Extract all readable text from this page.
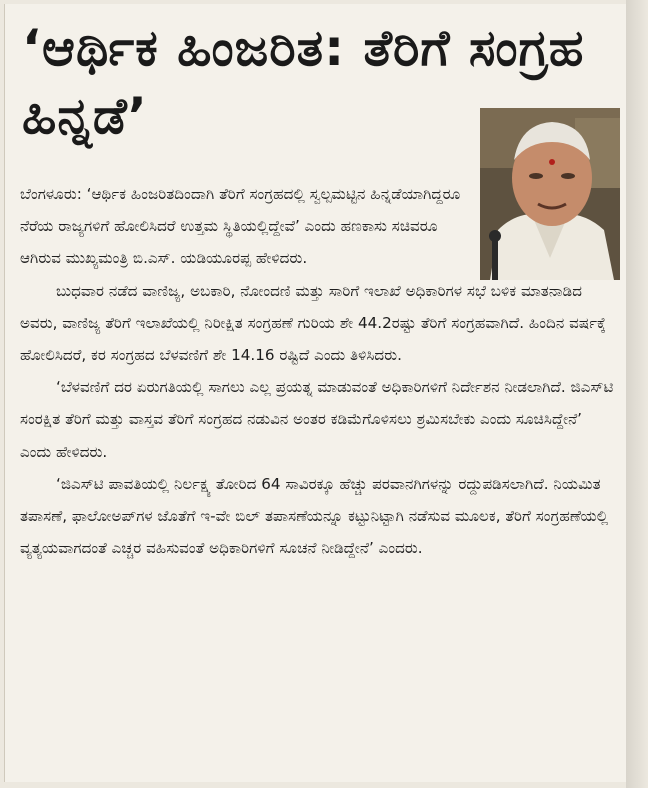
‘ಆರ್ಥಿಕ ಹಿಂಜರಿತ: ತೆರಿಗೆ ಸಂಗ್ರಹ ಹಿನ್ನಡೆ’

ಬೆಂಗಳೂರು: ‘ಆರ್ಥಿಕ ಹಿಂಜರಿತದಿಂದಾಗಿ ತೆರಿಗೆ ಸಂಗ್ರಹದಲ್ಲಿ ಸ್ವಲ್ಪಮಟ್ಟಿನ ಹಿನ್ನಡೆಯಾಗಿದ್ದರೂ ನೆರೆಯ ರಾಜ್ಯಗಳಿಗೆ ಹೋಲಿಸಿದರೆ ಉತ್ತಮ ಸ್ಥಿತಿಯಲ್ಲಿದ್ದೇವೆ’ ಎಂದು ಹಣಕಾಸು ಸಚಿವರೂ ಆಗಿರುವ ಮುಖ್ಯಮಂತ್ರಿ ಬಿ.ಎಸ್‌. ಯಡಿಯೂರಪ್ಪ ಹೇಳಿದರು.

ಬುಧವಾರ ನಡೆದ ವಾಣಿಜ್ಯ, ಅಬಕಾರಿ, ನೋಂದಣಿ ಮತ್ತು ಸಾರಿಗೆ ಇಲಾಖೆ ಅಧಿಕಾರಿಗಳ ಸಭೆ ಬಳಿಕ ಮಾತನಾಡಿದ ಅವರು, ವಾಣಿಜ್ಯ ತೆರಿಗೆ ಇಲಾಖೆಯಲ್ಲಿ ನಿರೀಕ್ಷಿತ ಸಂಗ್ರಹಣೆ ಗುರಿಯ ಶೇ 44.2ರಷ್ಟು ತೆರಿಗೆ ಸಂಗ್ರಹವಾಗಿದೆ. ಹಿಂದಿನ ವರ್ಷಕ್ಕೆ ಹೋಲಿಸಿದರೆ, ಕರ ಸಂಗ್ರಹದ ಬೆಳವಣಿಗೆ ಶೇ 14.16 ರಷ್ಟಿದೆ ಎಂದು ತಿಳಿಸಿದರು.

‘ಬೆಳವಣಿಗೆ ದರ ಏರುಗತಿಯಲ್ಲಿ ಸಾಗಲು ಎಲ್ಲ ಪ್ರಯತ್ನ ಮಾಡುವಂತೆ ಅಧಿಕಾರಿಗಳಿಗೆ ನಿರ್ದೇಶನ ನೀಡಲಾಗಿದೆ. ಜಿಎಸ್‌ಟಿ ಸಂರಕ್ಷಿತ ತೆರಿಗೆ ಮತ್ತು ವಾಸ್ತವ ತೆರಿಗೆ ಸಂಗ್ರಹದ ನಡುವಿನ ಅಂತರ ಕಡಿಮೆಗೊಳಿಸಲು ಶ್ರಮಿಸಬೇಕು ಎಂದು ಸೂಚಿಸಿದ್ದೇನೆ’ ಎಂದು ಹೇಳಿದರು.

‘ಜಿಎಸ್‌ಟಿ ಪಾವತಿಯಲ್ಲಿ ನಿರ್ಲಕ್ಷ್ಯ ತೋರಿದ 64 ಸಾವಿರಕ್ಕೂ ಹೆಚ್ಚು ಪರವಾನಗಿಗಳನ್ನು ರದ್ದುಪಡಿಸಲಾಗಿದೆ. ನಿಯಮಿತ ತಪಾಸಣೆ, ಫಾಲೋಅಪ್‌ಗಳ ಜೊತೆಗೆ ಇ-ವೇ ಬಿಲ್ ತಪಾಸಣೆಯನ್ನೂ ಕಟ್ಟುನಿಟ್ಟಾಗಿ ನಡೆಸುವ ಮೂಲಕ, ತೆರಿಗೆ ಸಂಗ್ರಹಣೆಯಲ್ಲಿ ವ್ಯತ್ಯಯವಾಗದಂತೆ ಎಚ್ಚರ ವಹಿಸುವಂತೆ ಅಧಿಕಾರಿಗಳಿಗೆ ಸೂಚನೆ ನೀಡಿದ್ದೇನೆ’ ಎಂದರು.
